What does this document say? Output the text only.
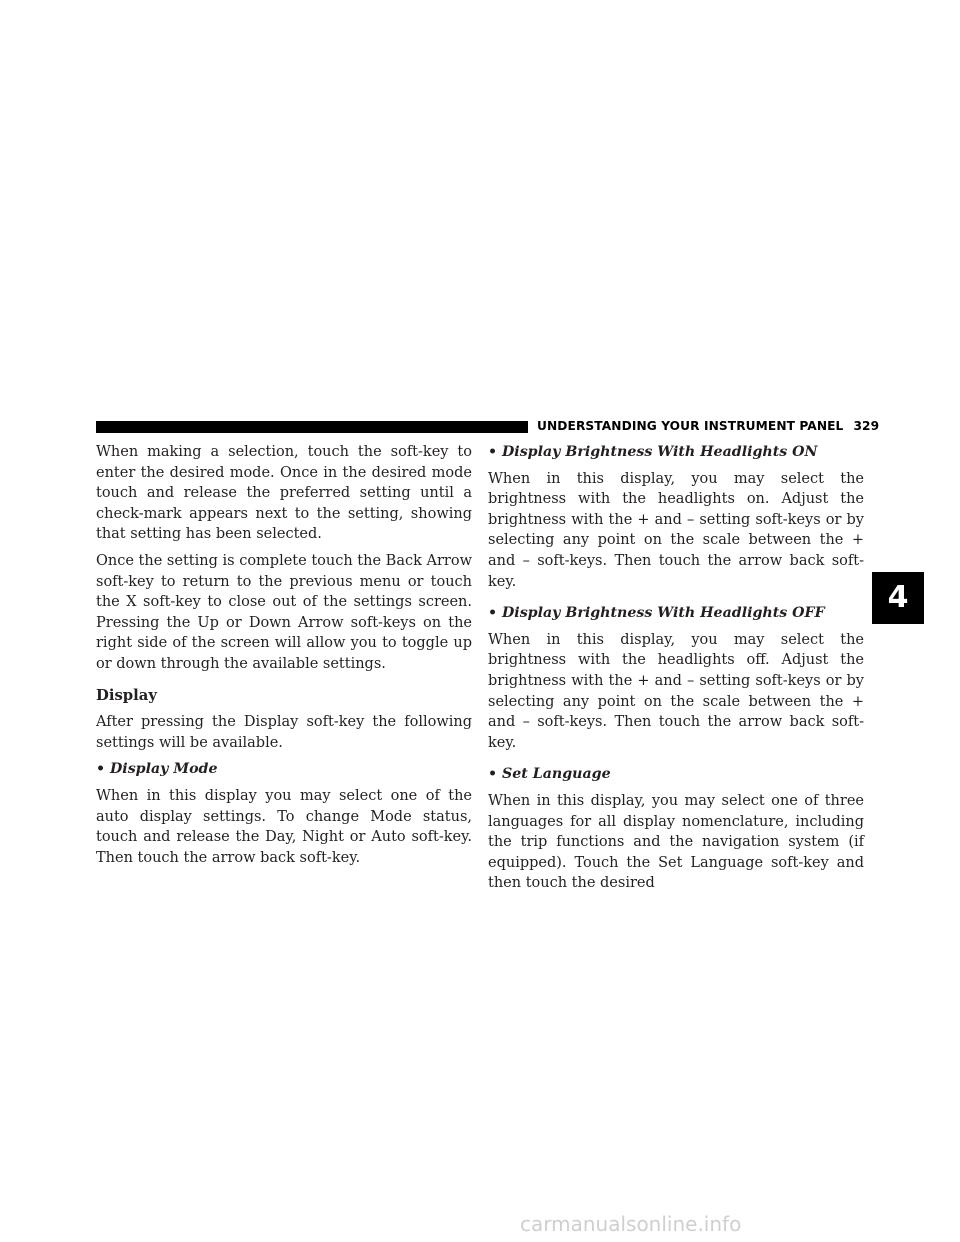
UNDERSTANDING YOUR INSTRUMENT PANEL 329

When making a selection, touch the soft-key to enter the desired mode. Once in the desired mode touch and release the preferred setting until a check-mark appears next to the setting, showing that setting has been selected.

Once the setting is complete touch the Back Arrow soft-key to return to the previous menu or touch the X soft-key to close out of the settings screen. Pressing the Up or Down Arrow soft-keys on the right side of the screen will allow you to toggle up or down through the available settings.

Display

After pressing the Display soft-key the following settings will be available.

• Display Mode

When in this display you may select one of the auto display settings. To change Mode status, touch and release the Day, Night or Auto soft-key. Then touch the arrow back soft-key.

• Display Brightness With Headlights ON

When in this display, you may select the brightness with the headlights on. Adjust the brightness with the + and – setting soft-keys or by selecting any point on the scale between the + and – soft-keys. Then touch the arrow back soft-key.

• Display Brightness With Headlights OFF

When in this display, you may select the brightness with the headlights off. Adjust the brightness with the + and – setting soft-keys or by selecting any point on the scale between the + and – soft-keys. Then touch the arrow back soft-key.

• Set Language

When in this display, you may select one of three languages for all display nomenclature, including the trip functions and the navigation system (if equipped). Touch the Set Language soft-key and then touch the desired

4
carmanualsonline.info
